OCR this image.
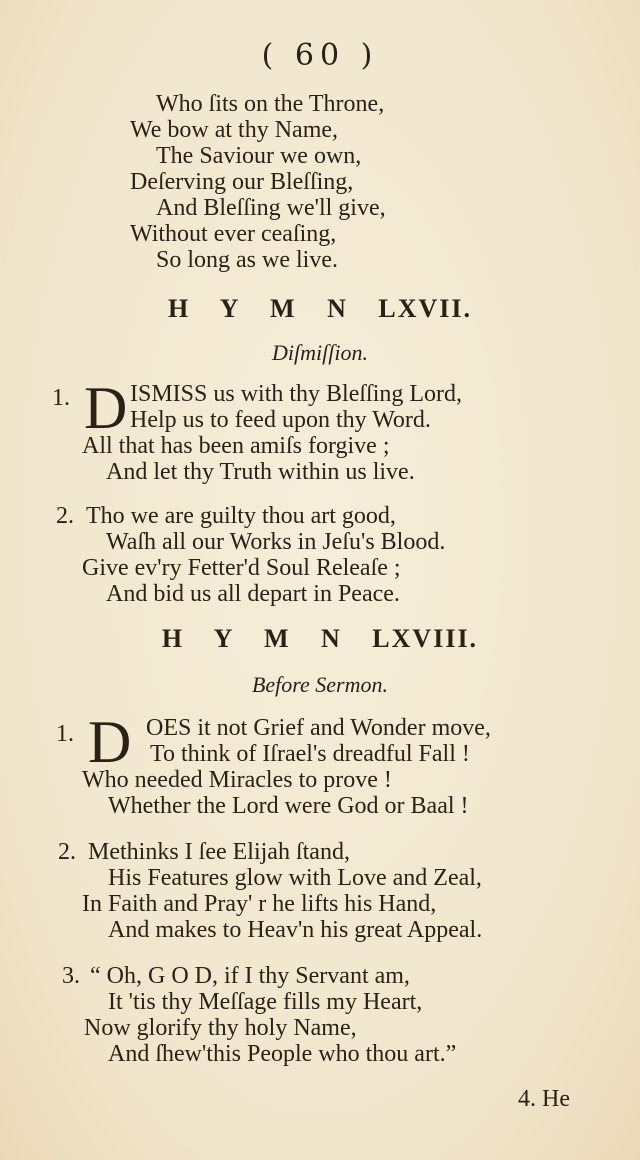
( 60 )
Who ſits on the Throne,
We bow at thy Name,
The Saviour we own,
Deſerving our Bleſſing,
And Bleſſing we'll give,
Without ever ceaſing,
So long as we live.
H Y M N LXVII.
Diſmiſſion.
1. D ISMISS us with thy Bleſſing Lord,
Help us to feed upon thy Word.
All that has been amiſs forgive ;
And let thy Truth within us live.
2. Tho we are guilty thou art good,
Waſh all our Works in Jeſu's Blood.
Give ev'ry Fetter'd Soul Releaſe ;
And bid us all depart in Peace.
H Y M N LXVIII.
Before Sermon.
1. D OES it not Grief and Wonder move,
To think of Iſrael's dreadful Fall !
Who needed Miracles to prove !
Whether the Lord were God or Baal !
2. Methinks I ſee Elijah ſtand,
His Features glow with Love and Zeal,
In Faith and Pray' r he lifts his Hand,
And makes to Heav'n his great Appeal.
3. “ Oh, G O D, if I thy Servant am,
It 'tis thy Meſſage fills my Heart,
Now glorify thy holy Name,
And ſhew'this People who thou art.”
4. He
